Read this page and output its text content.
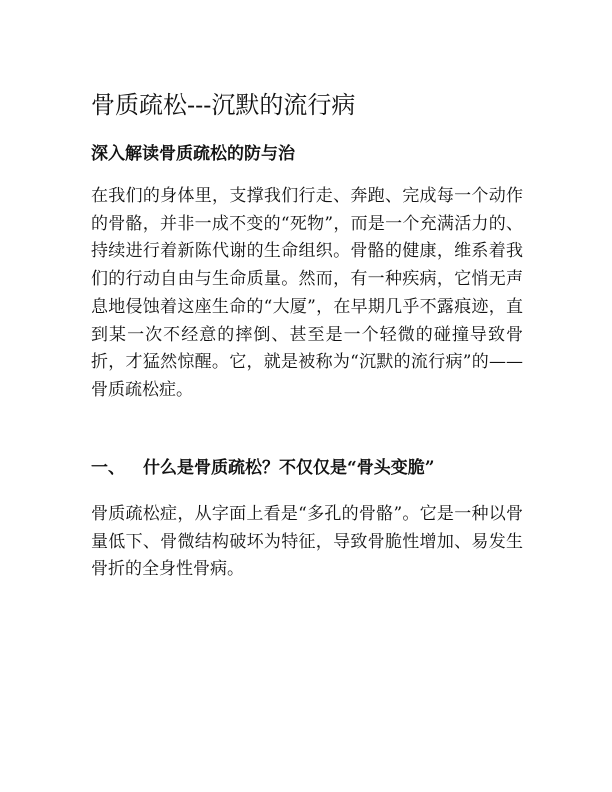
骨质疏松---沉默的流行病
深入解读骨质疏松的防与治

在我们的身体里，支撑我们行走、奔跑、完成每一个动作的骨骼，并非一成不变的“死物”，而是一个充满活力的、持续进行着新陈代谢的生命组织。骨骼的健康，维系着我们的行动自由与生命质量。然而，有一种疾病，它悄无声息地侵蚀着这座生命的“大厦”，在早期几乎不露痕迹，直到某一次不经意的摔倒、甚至是一个轻微的碰撞导致骨折，才猛然惊醒。它，就是被称为“沉默的流行病”的——骨质疏松症。

一、 什么是骨质疏松？不仅仅是“骨头变脆”

骨质疏松症，从字面上看是“多孔的骨骼”。它是一种以骨量低下、骨微结构破坏为特征，导致骨脆性增加、易发生骨折的全身性骨病。
